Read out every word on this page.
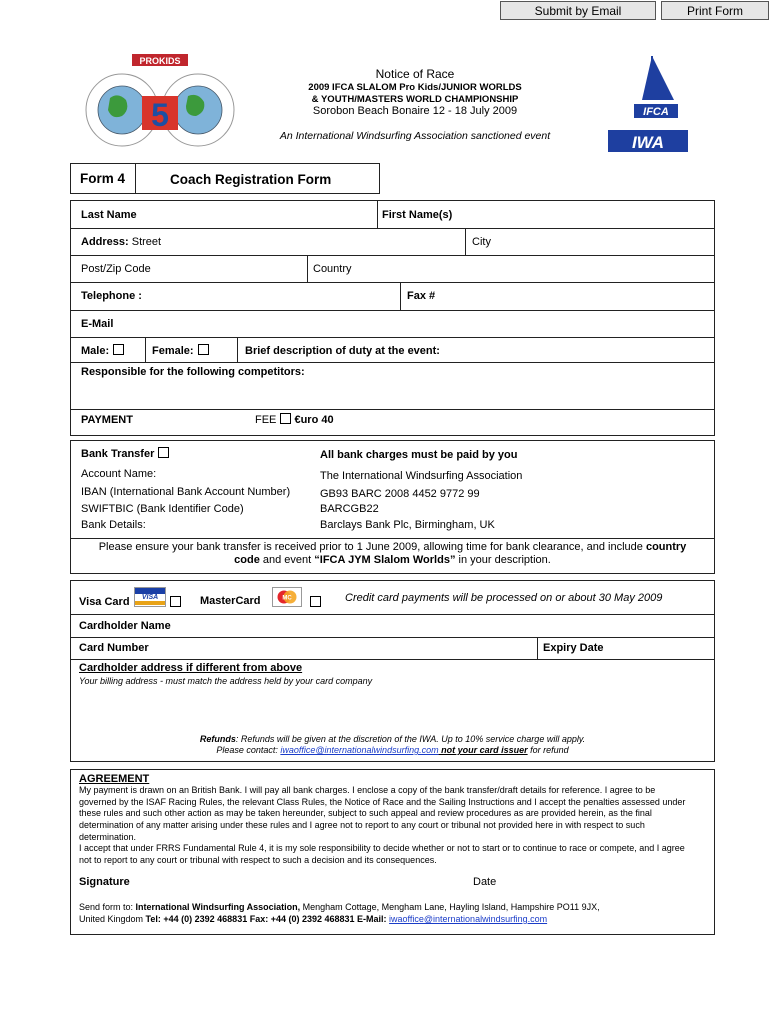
Submit by Email	Print Form
PROKIDS
5	IFCA
IWA
Notice of Race
2009 IFCA SLALOM Pro Kids/JUNIOR WORLDS
& YOUTH/MASTERS WORLD CHAMPIONSHIP
Sorobon Beach Bonaire 12 - 18 July 2009
An International Windsurfing Association sanctioned event
Form 4	Coach Registration Form
Last Name	First Name(s)
Address: Street	City
Post/Zip Code	Country
Telephone :	Fax #
E-Mail
Male:	Female:	Brief description of duty at the event:
Responsible for the following competitors:
PAYMENT	FEE €uro 40
Bank Transfer	All bank charges must be paid by you
Account Name:	The International Windsurfing Association
IBAN (International Bank Account Number)	GB93 BARC 2008 4452 9772 99
SWIFTBIC (Bank Identifier Code)	BARCGB22
Bank Details:	Barclays Bank Plc, Birmingham, UK
Please ensure your bank transfer is received prior to 1 June 2009, allowing time for bank clearance, and include country
code and event “IFCA JYM Slalom Worlds” in your description.
Visa Card	VISA	MasterCard	MC	Credit card payments will be processed on or about 30 May 2009
Cardholder Name
Card Number	Expiry Date
Cardholder address if different from above
Your billing address - must match the address held by your card company
Refunds: Refunds will be given at the discretion of the IWA. Up to 10% service charge will apply.
Please contact: iwaoffice@internationalwindsurfing.com not your card issuer for refund
AGREEMENT
My payment is drawn on an British Bank. I will pay all bank charges. I enclose a copy of the bank transfer/draft details for reference. I agree to be governed by the ISAF Racing Rules, the relevant Class Rules, the Notice of Race and the Sailing Instructions and I accept the penalties assessed under these rules and such other action as may be taken hereunder, subject to such appeal and review procedures as are provided herein, as the final determination of any matter arising under these rules and I agree not to report to any court or tribunal not provided here in with respect to such determination.
I accept that under FRRS Fundamental Rule 4, it is my sole responsibility to decide whether or not to start or to continue to race or compete, and I agree not to report to any court or tribunal with respect to such a decision and its consequences.
Signature	Date
Send form to: International Windsurfing Association, Mengham Cottage, Mengham Lane, Hayling Island, Hampshire PO11 9JX,
United Kingdom Tel: +44 (0) 2392 468831 Fax: +44 (0) 2392 468831 E-Mail: iwaoffice@internationalwindsurfing.com
